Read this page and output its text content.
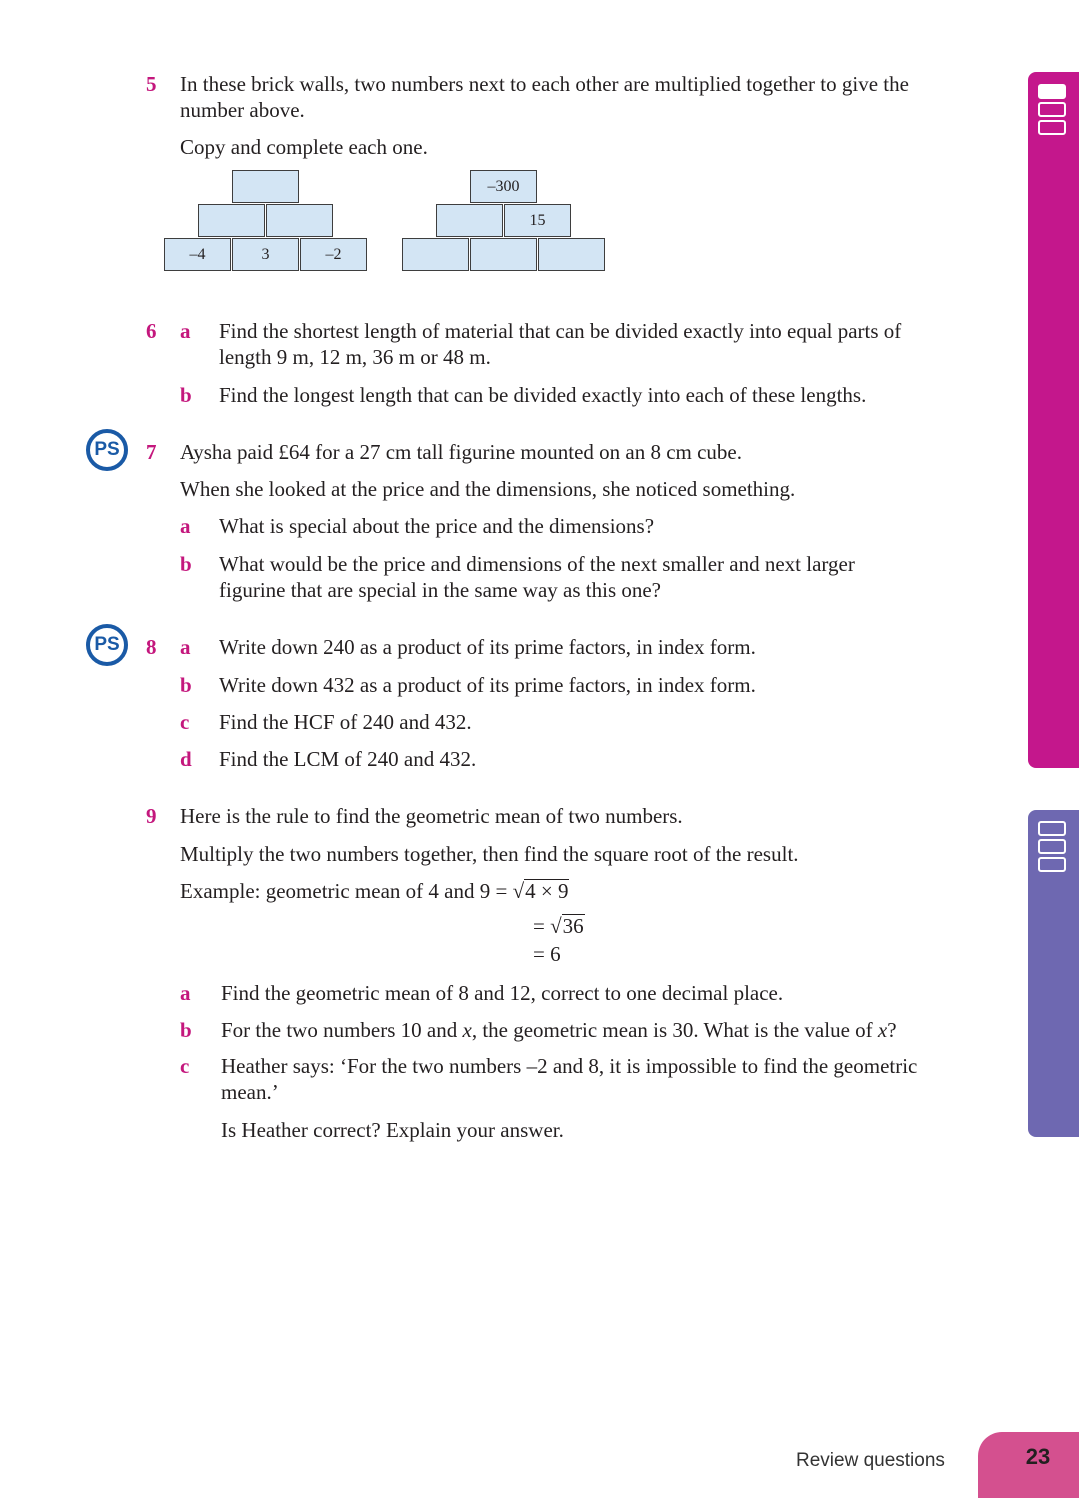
5 In these brick walls, two numbers next to each other are multiplied together to give the
number above.
Copy and complete each one.
–4	3	–2
–300
15
6 a Find the shortest length of material that can be divided exactly into equal parts of
length 9 m, 12 m, 36 m or 48 m.
b Find the longest length that can be divided exactly into each of these lengths.
PS	7 Aysha paid £64 for a 27 cm tall figurine mounted on an 8 cm cube.
When she looked at the price and the dimensions, she noticed something.
a What is special about the price and the dimensions?
b What would be the price and dimensions of the next smaller and next larger
figurine that are special in the same way as this one?
PS	8 a Write down 240 as a product of its prime factors, in index form.
b Write down 432 as a product of its prime factors, in index form.
c Find the HCF of 240 and 432.
d Find the LCM of 240 and 432.
9 Here is the rule to find the geometric mean of two numbers.
Multiply the two numbers together, then find the square root of the result.
Example: geometric mean of 4 and 9 = √4 × 9
= √36
= 6
a Find the geometric mean of 8 and 12, correct to one decimal place.
b For the two numbers 10 and x, the geometric mean is 30. What is the value of x?
c Heather says: ‘For the two numbers –2 and 8, it is impossible to find the geometric
mean.’
Is Heather correct? Explain your answer.
Review questions	23
